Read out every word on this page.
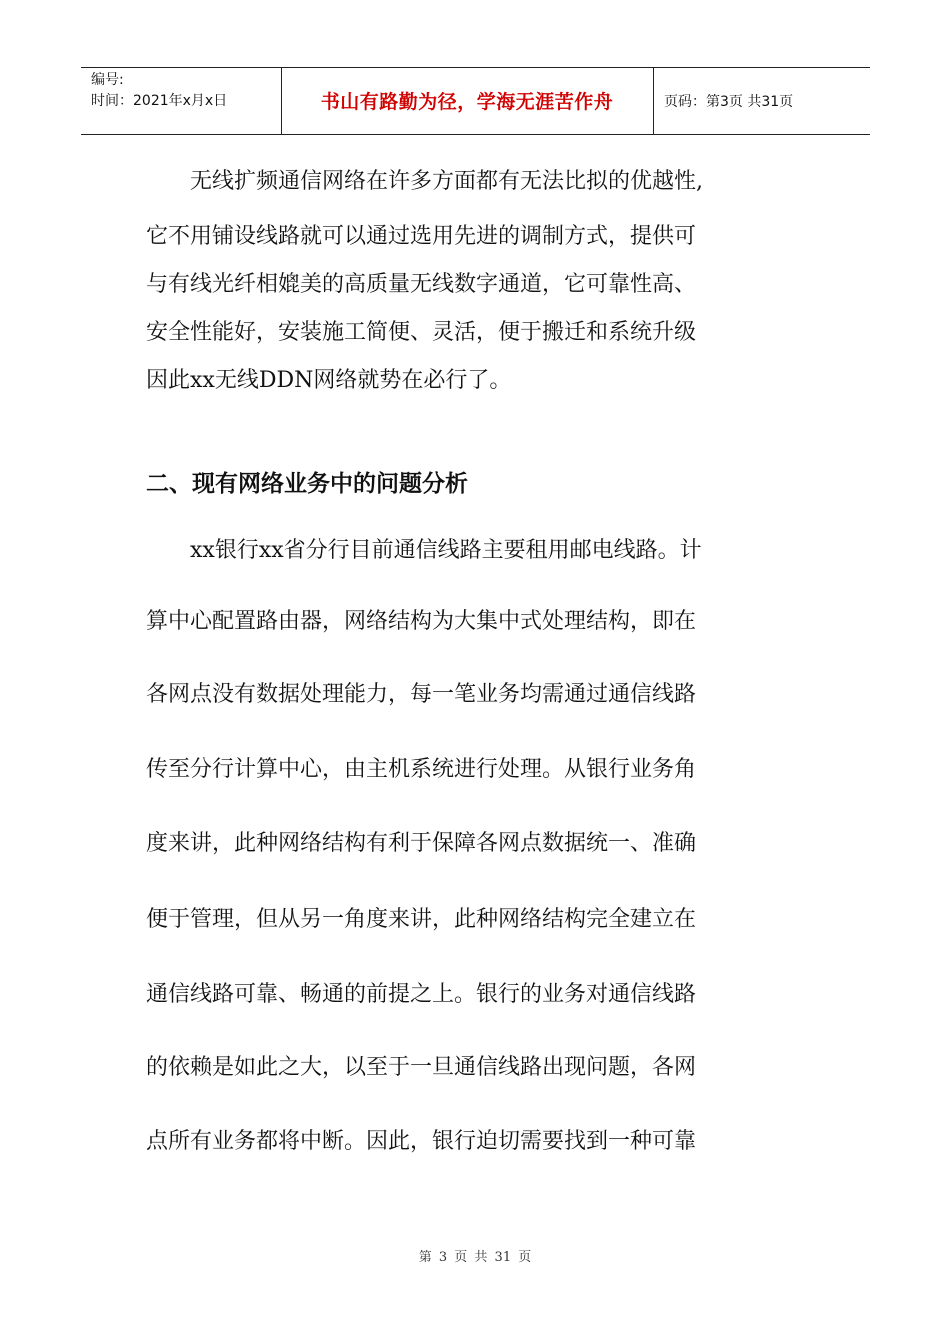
编号:
时间：2021年x月x日	书山有路勤为径，学海无涯苦作舟	页码：第3页 共31页
无线扩频通信网络在许多方面都有无法比拟的优越性,
它不用铺设线路就可以通过选用先进的调制方式，提供可
与有线光纤相媲美的高质量无线数字通道，它可靠性高、
安全性能好，安装施工简便、灵活，便于搬迁和系统升级
因此xx无线DDN网络就势在必行了。
二、现有网络业务中的问题分析
xx银行xx省分行目前通信线路主要租用邮电线路。计
算中心配置路由器，网络结构为大集中式处理结构，即在
各网点没有数据处理能力，每一笔业务均需通过通信线路
传至分行计算中心，由主机系统进行处理。从银行业务角
度来讲，此种网络结构有利于保障各网点数据统一、准确
便于管理，但从另一角度来讲，此种网络结构完全建立在
通信线路可靠、畅通的前提之上。银行的业务对通信线路
的依赖是如此之大，以至于一旦通信线路出现问题，各网
点所有业务都将中断。因此，银行迫切需要找到一种可靠
第 3 页 共 31 页
